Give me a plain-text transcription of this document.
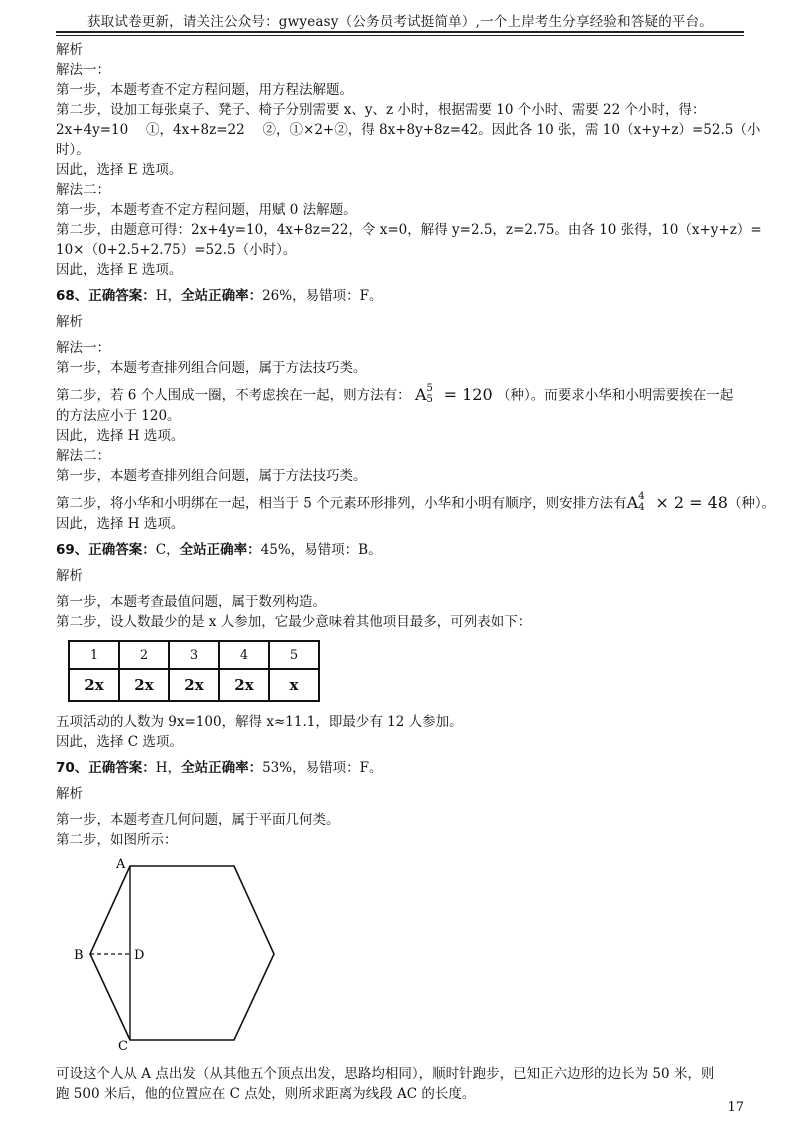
获取试卷更新，请关注公众号：gwyeasy（公务员考试挺简单）,一个上岸考生分享经验和答疑的平台。
解析
解法一：
第一步，本题考查不定方程问题，用方程法解题。
第二步，设加工每张桌子、凳子、椅子分别需要 x、y、z 小时，根据需要 10 个小时、需要 22 个小时，得：
2x+4y=10　 ①，4x+8z=22　 ②，①×2+②，得 8x+8y+8z=42。因此各 10 张，需 10（x+y+z）=52.5（小
时）。
因此，选择 E 选项。
解法二：
第一步，本题考查不定方程问题，用赋 0 法解题。
第二步，由题意可得：2x+4y=10，4x+8z=22，令 x=0，解得 y=2.5，z=2.75。由各 10 张得，10（x+y+z）=
10×（0+2.5+2.75）=52.5（小时）。
因此，选择 E 选项。
68、正确答案：H，全站正确率：26%，易错项：F。
解析
解法一：
第一步，本题考查排列组合问题，属于方法技巧类。
第二步，若 6 个人围成一圈，不考虑挨在一起，则方法有： A 5
5 = 120 （种）。而要求小华和小明需要挨在一起
的方法应小于 120。
因此，选择 H 选项。
解法二：
第一步，本题考查排列组合问题，属于方法技巧类。
第二步，将小华和小明绑在一起，相当于 5 个元素环形排列，小华和小明有顺序，则安排方法有A 4
4 × 2 = 48（种）。
因此，选择 H 选项。
69、正确答案：C，全站正确率：45%，易错项：B。
解析
第一步，本题考查最值问题，属于数列构造。
第二步，设人数最少的是 x 人参加，它最少意味着其他项目最多，可列表如下：
1	2	3	4	5
2x	2x	2x	2x	x
五项活动的人数为 9x=100，解得 x≈11.1，即最少有 12 人参加。
因此，选择 C 选项。
70、正确答案：H，全站正确率：53%，易错项：F。
解析
第一步，本题考查几何问题，属于平面几何类。
第二步，如图所示：
A
B	D
C
可设这个人从 A 点出发（从其他五个顶点出发，思路均相同），顺时针跑步，已知正六边形的边长为 50 米，则
跑 500 米后，他的位置应在 C 点处，则所求距离为线段 AC 的长度。
17
